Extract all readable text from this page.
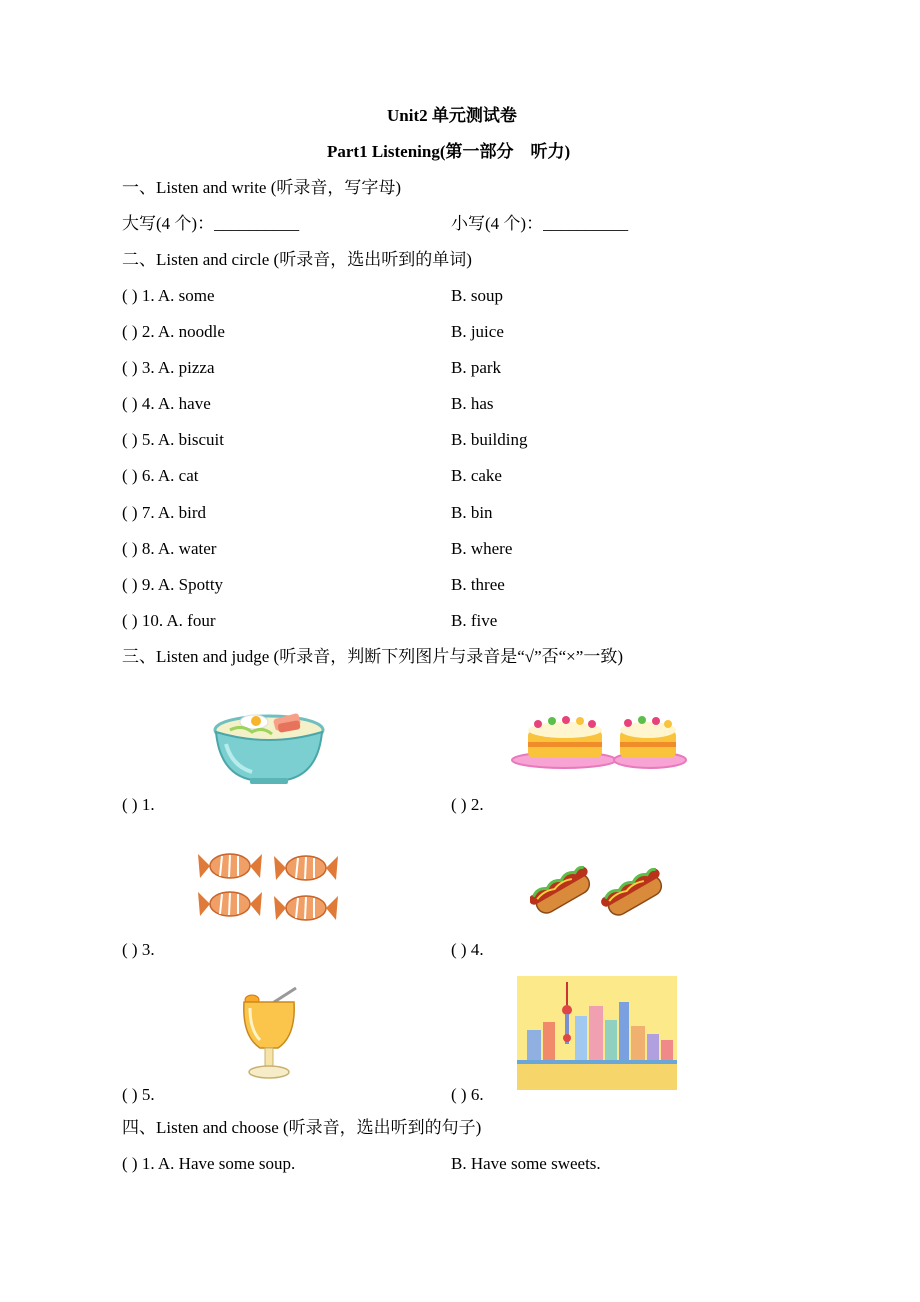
Unit2 单元测试卷
Part1 Listening(第一部分　听力)
一、Listen and write (听录音，写字母)
大写(4 个)：__________	小写(4 个)：__________
二、Listen and circle (听录音，选出听到的单词)
( ) 1. A. some	B. soup
( ) 2. A. noodle	B. juice
( ) 3. A. pizza	B. park
( ) 4. A. have	B. has
( ) 5. A. biscuit	B. building
( ) 6. A. cat	B. cake
( ) 7. A. bird	B. bin
( ) 8. A. water	B. where
( ) 9. A. Spotty	B. three
( ) 10. A. four	B. five
三、Listen and judge (听录音，判断下列图片与录音是“√”否“×”一致)
( ) 1.	( ) 2.
( ) 3.	( ) 4.
( ) 5.	( ) 6.
四、Listen and choose (听录音，选出听到的句子)
( ) 1. A. Have some soup.	B. Have some sweets.
